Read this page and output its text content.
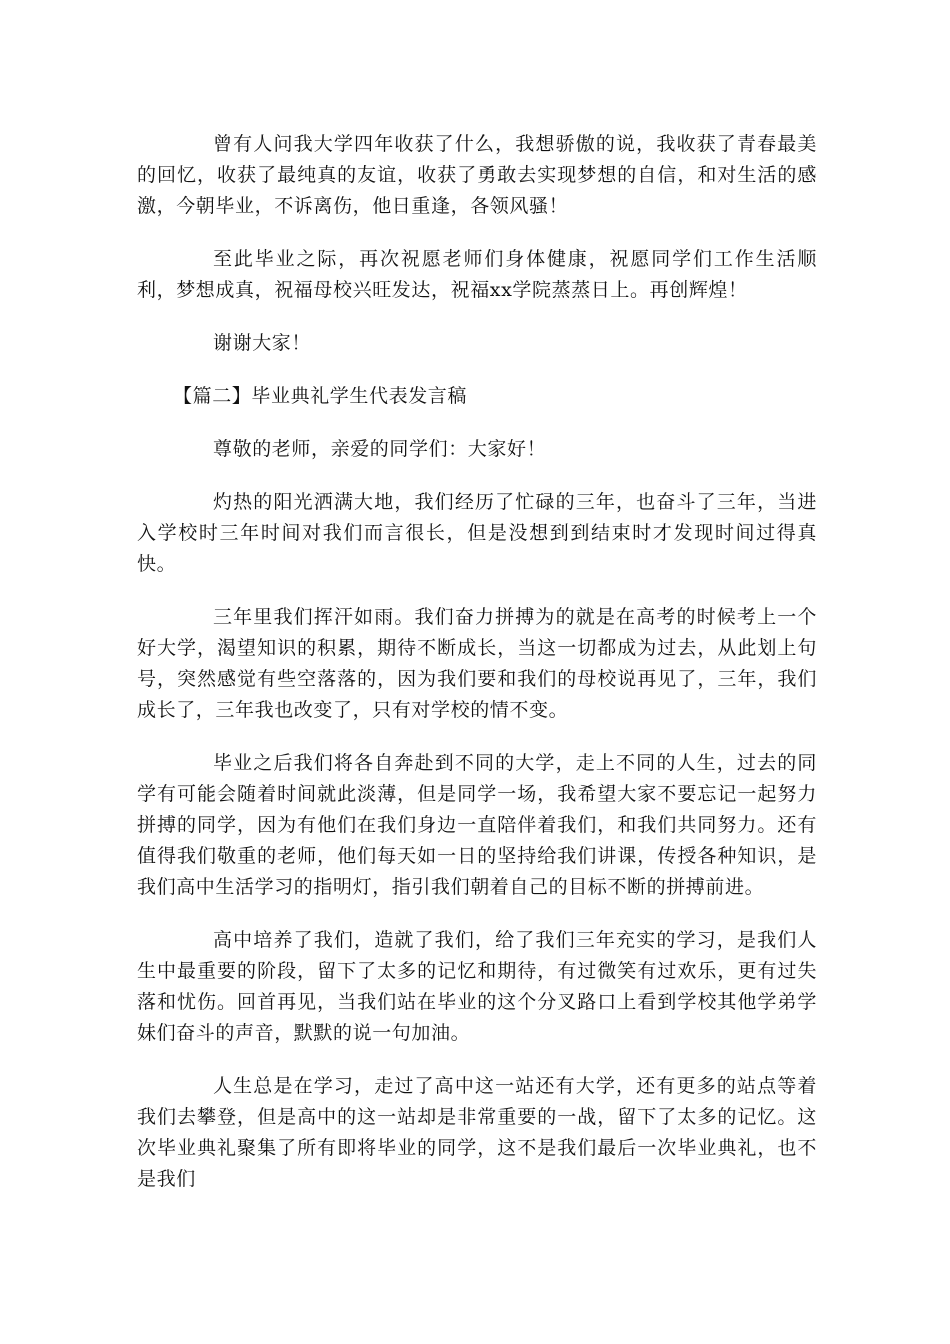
曾有人问我大学四年收获了什么，我想骄傲的说，我收获了青春最美的回忆，收获了最纯真的友谊，收获了勇敢去实现梦想的自信，和对生活的感激，今朝毕业，不诉离伤，他日重逢，各领风骚！

至此毕业之际，再次祝愿老师们身体健康，祝愿同学们工作生活顺利，梦想成真，祝福母校兴旺发达，祝福xx学院蒸蒸日上。再创辉煌！

谢谢大家！

【篇二】毕业典礼学生代表发言稿

尊敬的老师，亲爱的同学们：大家好！

灼热的阳光洒满大地，我们经历了忙碌的三年，也奋斗了三年，当进入学校时三年时间对我们而言很长，但是没想到到结束时才发现时间过得真快。

三年里我们挥汗如雨。我们奋力拼搏为的就是在高考的时候考上一个好大学，渴望知识的积累，期待不断成长，当这一切都成为过去，从此划上句号，突然感觉有些空落落的，因为我们要和我们的母校说再见了，三年，我们成长了，三年我也改变了，只有对学校的情不变。

毕业之后我们将各自奔赴到不同的大学，走上不同的人生，过去的同学有可能会随着时间就此淡薄，但是同学一场，我希望大家不要忘记一起努力拼搏的同学，因为有他们在我们身边一直陪伴着我们，和我们共同努力。还有值得我们敬重的老师，他们每天如一日的坚持给我们讲课，传授各种知识，是我们高中生活学习的指明灯，指引我们朝着自己的目标不断的拼搏前进。

高中培养了我们，造就了我们，给了我们三年充实的学习，是我们人生中最重要的阶段，留下了太多的记忆和期待，有过微笑有过欢乐，更有过失落和忧伤。回首再见，当我们站在毕业的这个分叉路口上看到学校其他学弟学妹们奋斗的声音，默默的说一句加油。

人生总是在学习，走过了高中这一站还有大学，还有更多的站点等着我们去攀登，但是高中的这一站却是非常重要的一战，留下了太多的记忆。这次毕业典礼聚集了所有即将毕业的同学，这不是我们最后一次毕业典礼，也不是我们
